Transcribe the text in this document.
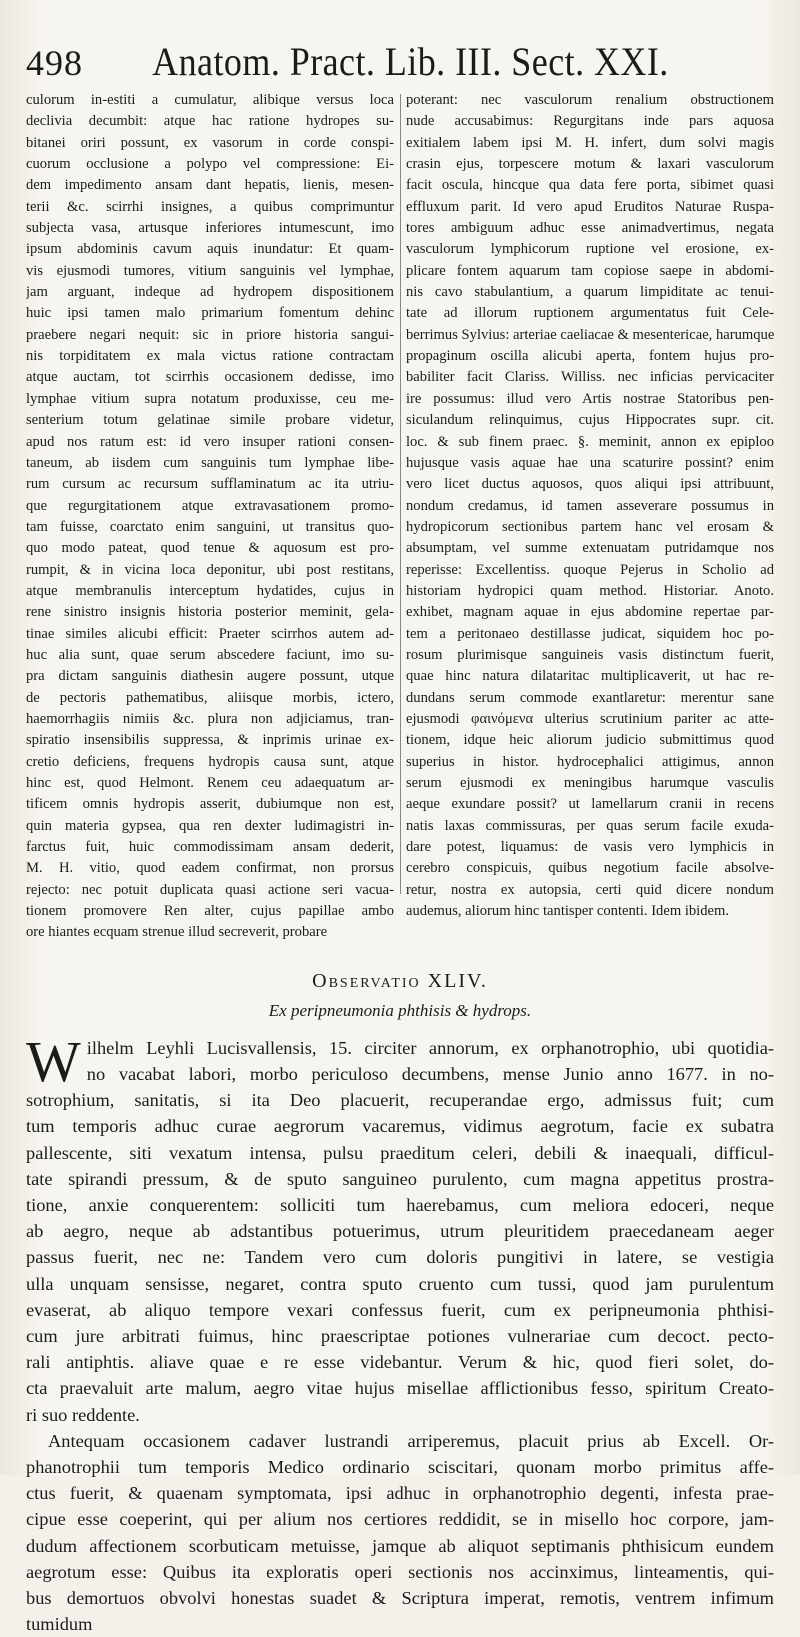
498	Anatom. Pract. Lib. III. Sect. XXI.
culorum in-estiti a cumulatur, alibique versus loca
declivia decumbit: atque hac ratione hydropes su-
bitanei oriri possunt, ex vasorum in corde conspi-
cuorum occlusione a polypo vel compressione: Ei-
dem impedimento ansam dant hepatis, lienis, mesen-
terii &c. scirrhi insignes, a quibus comprimuntur
subjecta vasa, artusque inferiores intumescunt, imo
ipsum abdominis cavum aquis inundatur: Et quam-
vis ejusmodi tumores, vitium sanguinis vel lymphae,
jam arguant, indeque ad hydropem dispositionem
huic ipsi tamen malo primarium fomentum dehinc
praebere negari nequit: sic in priore historia sangui-
nis torpiditatem ex mala victus ratione contractam
atque auctam, tot scirrhis occasionem dedisse, imo
lymphae vitium supra notatum produxisse, ceu me-
senterium totum gelatinae simile probare videtur,
apud nos ratum est: id vero insuper rationi consen-
taneum, ab iisdem cum sanguinis tum lymphae libe-
rum cursum ac recursum sufflaminatum ac ita utriu-
que regurgitationem atque extravasationem promo-
tam fuisse, coarctato enim sanguini, ut transitus quo-
quo modo pateat, quod tenue & aquosum est pro-
rumpit, & in vicina loca deponitur, ubi post restitans,
atque membranulis interceptum hydatides, cujus in
rene sinistro insignis historia posterior meminit, gela-
tinae similes alicubi efficit: Praeter scirrhos autem ad-
huc alia sunt, quae serum abscedere faciunt, imo su-
pra dictam sanguinis diathesin augere possunt, utque
de pectoris pathematibus, aliisque morbis, ictero,
haemorrhagiis nimiis &c. plura non adjiciamus, tran-
spiratio insensibilis suppressa, & inprimis urinae ex-
cretio deficiens, frequens hydropis causa sunt, atque
hinc est, quod Helmont. Renem ceu adaequatum ar-
tificem omnis hydropis asserit, dubiumque non est,
quin materia gypsea, qua ren dexter ludimagistri in-
farctus fuit, huic commodissimam ansam dederit,
M. H. vitio, quod eadem confirmat, non prorsus
rejecto: nec potuit duplicata quasi actione seri vacua-
tionem promovere Ren alter, cujus papillae ambo
ore hiantes ecquam strenue illud secreverit, probare
poterant: nec vasculorum renalium obstructionem
nude accusabimus: Regurgitans inde pars aquosa
exitialem labem ipsi M. H. infert, dum solvi magis
crasin ejus, torpescere motum & laxari vasculorum
facit oscula, hincque qua data fere porta, sibimet quasi
effluxum parit. Id vero apud Eruditos Naturae Ruspa-
tores ambiguum adhuc esse animadvertimus, negata
vasculorum lymphicorum ruptione vel erosione, ex-
plicare fontem aquarum tam copiose saepe in abdomi-
nis cavo stabulantium, a quarum limpiditate ac tenui-
tate ad illorum ruptionem argumentatus fuit Cele-
berrimus Sylvius: arteriae caeliacae & mesentericae, harumque
propaginum oscilla alicubi aperta, fontem hujus pro-
babiliter facit Clariss. Williss. nec inficias pervicaciter
ire possumus: illud vero Artis nostrae Statoribus pen-
siculandum relinquimus, cujus Hippocrates supr. cit.
loc. & sub finem praec. §. meminit, annon ex epiploo
hujusque vasis aquae hae una scaturire possint? enim
vero licet ductus aquosos, quos aliqui ipsi attribuunt,
nondum credamus, id tamen asseverare possumus in
hydropicorum sectionibus partem hanc vel erosam &
absumptam, vel summe extenuatam putridamque nos
reperisse: Excellentiss. quoque Pejerus in Scholio ad
historiam hydropici quam method. Historiar. Anoto.
exhibet, magnam aquae in ejus abdomine repertae par-
tem a peritonaeo destillasse judicat, siquidem hoc po-
rosum plurimisque sanguineis vasis distinctum fuerit,
quae hinc natura dilataritac multiplicaverit, ut hac re-
dundans serum commode exantlaretur: merentur sane
ejusmodi φαινόμενα ulterius scrutinium pariter ac atte-
tionem, idque heic aliorum judicio submittimus quod
superius in histor. hydrocephalici attigimus, annon
serum ejusmodi ex meningibus harumque vasculis
aeque exundare possit? ut lamellarum cranii in recens
natis laxas commissuras, per quas serum facile exuda-
dare potest, liquamus: de vasis vero lymphicis in
cerebro conspicuis, quibus negotium facile absolve-
retur, nostra ex autopsia, certi quid dicere nondum
audemus, aliorum hinc tantisper contenti. Idem ibidem.
Observatio XLIV.
Ex peripneumonia phthisis & hydrops.
W ilhelm Leyhli Lucisvallensis, 15. circiter annorum, ex orphanotrophio, ubi quotidia-
no vacabat labori, morbo periculoso decumbens, mense Junio anno 1677. in no-
sotrophium, sanitatis, si ita Deo placuerit, recuperandae ergo, admissus fuit; cum
tum temporis adhuc curae aegrorum vacaremus, vidimus aegrotum, facie ex subatra
pallescente, siti vexatum intensa, pulsu praeditum celeri, debili & inaequali, difficul-
tate spirandi pressum, & de sputo sanguineo purulento, cum magna appetitus prostra-
tione, anxie conquerentem: solliciti tum haerebamus, cum meliora edoceri, neque
ab aegro, neque ab adstantibus potuerimus, utrum pleuritidem praecedaneam aeger
passus fuerit, nec ne: Tandem vero cum doloris pungitivi in latere, se vestigia
ulla unquam sensisse, negaret, contra sputo cruento cum tussi, quod jam purulentum
evaserat, ab aliquo tempore vexari confessus fuerit, cum ex peripneumonia phthisi-
cum jure arbitrati fuimus, hinc praescriptae potiones vulnerariae cum decoct. pecto-
rali antiphtis. aliave quae e re esse videbantur. Verum & hic, quod fieri solet, do-
cta praevaluit arte malum, aegro vitae hujus misellae afflictionibus fesso, spiritum Creato-
ri suo reddente.
Antequam occasionem cadaver lustrandi arriperemus, placuit prius ab Excell. Or-
phanotrophii tum temporis Medico ordinario sciscitari, quonam morbo primitus affe-
ctus fuerit, & quaenam symptomata, ipsi adhuc in orphanotrophio degenti, infesta prae-
cipue esse coeperint, qui per alium nos certiores reddidit, se in misello hoc corpore, jam-
dudum affectionem scorbuticam metuisse, jamque ab aliquot septimanis phthisicum eundem
aegrotum esse: Quibus ita exploratis operi sectionis nos accinximus, linteamentis, qui-
bus demortuos obvolvi honestas suadet & Scriptura imperat, remotis, ventrem infimum
tumidum
